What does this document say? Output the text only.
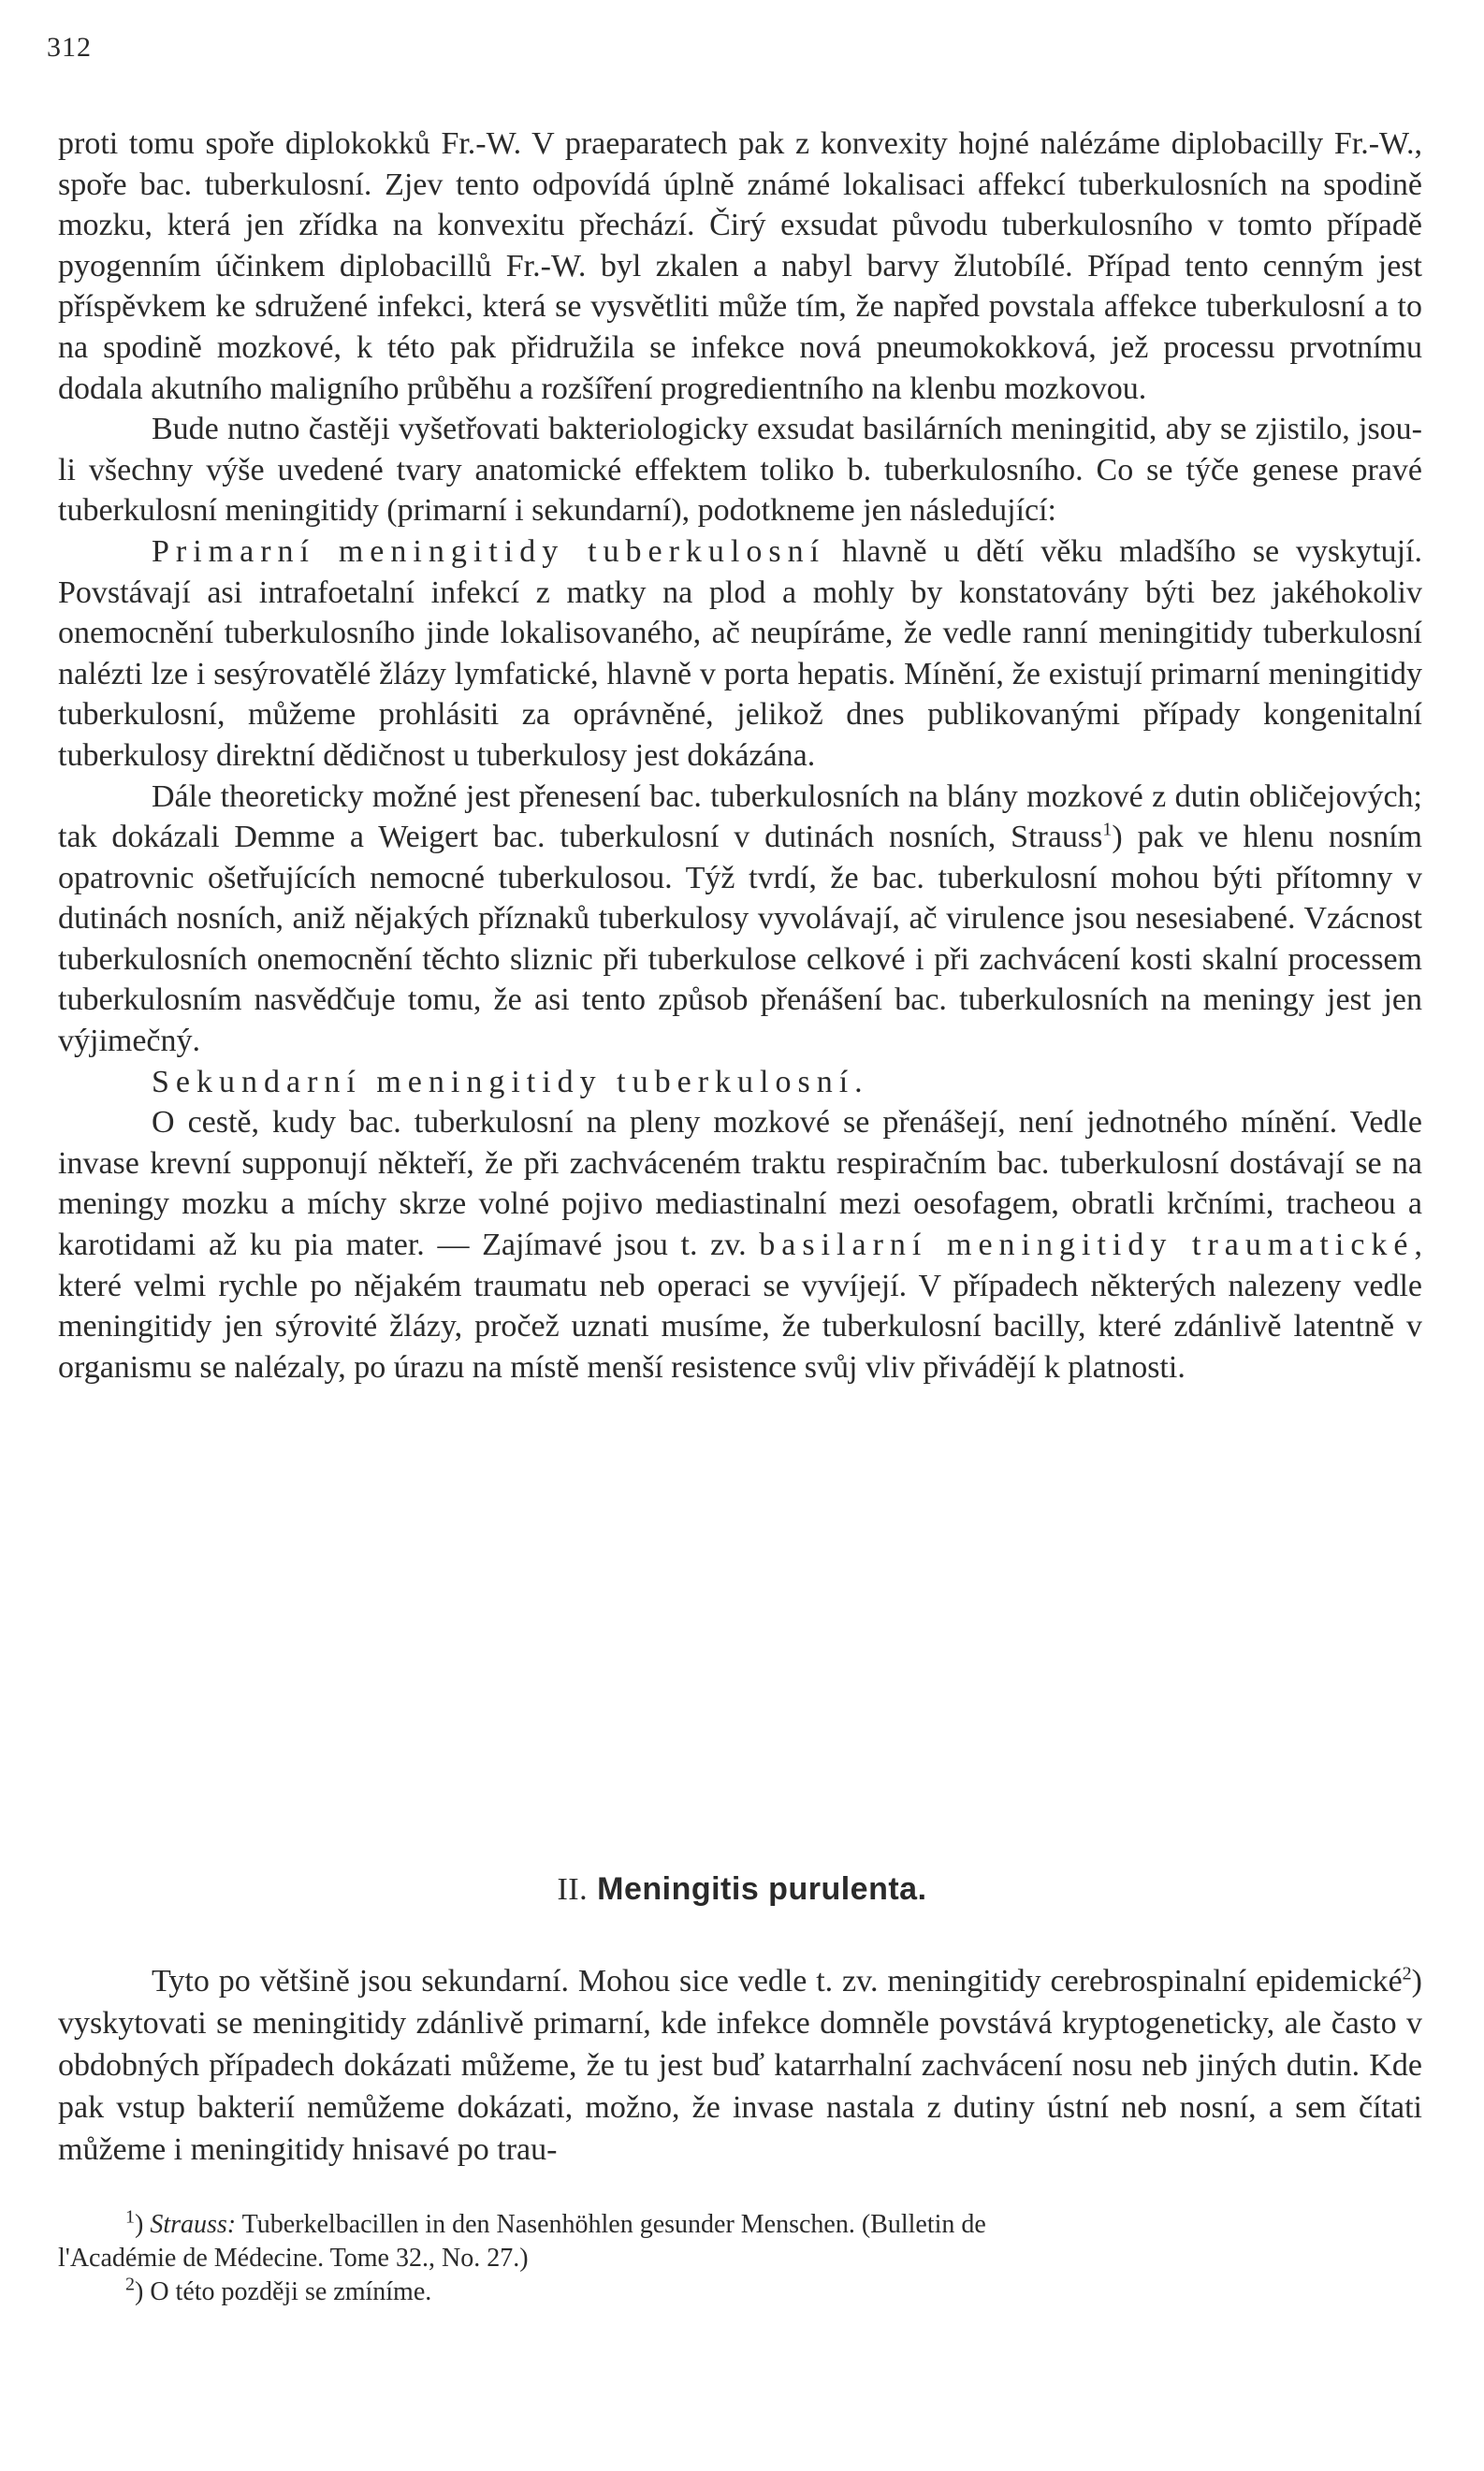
312

proti tomu spoře diplokokků Fr.-W. V praeparatech pak z konvexity hojné nalézáme diplobacilly Fr.-W., spoře bac. tuberkulosní. Zjev tento odpovídá úplně známé lokalisaci affekcí tuberkulosních na spodině mozku, která jen zřídka na konvexitu přechází. Čirý exsudat původu tuberkulosního v tomto případě pyogenním účinkem diplobacillů Fr.-W. byl zkalen a nabyl barvy žlutobílé. Případ tento cenným jest příspěvkem ke sdružené infekci, která se vysvětliti může tím, že napřed povstala affekce tuberkulosní a to na spodině mozkové, k této pak přidružila se infekce nová pneumokokková, jež processu prvotnímu dodala akutního maligního průběhu a rozšíření progredientního na klenbu mozkovou.

Bude nutno častěji vyšetřovati bakteriologicky exsudat basilárních meningitid, aby se zjistilo, jsou-li všechny výše uvedené tvary anatomické effektem toliko b. tuberkulosního. Co se týče genese pravé tuberkulosní meningitidy (primarní i sekundarní), podotkneme jen následující:

Primarní meningitidy tuberkulosní hlavně u dětí věku mladšího se vyskytují. Povstávají asi intrafoetalní infekcí z matky na plod a mohly by konstatovány býti bez jakéhokoliv onemocnění tuberkulosního jinde lokalisovaného, ač neupíráme, že vedle ranní meningitidy tuberkulosní nalézti lze i sesýrovatělé žlázy lymfatické, hlavně v porta hepatis. Mínění, že existují primarní meningitidy tuberkulosní, můžeme prohlásiti za oprávněné, jelikož dnes publikovanými případy kongenitalní tuberkulosy direktní dědičnost u tuberkulosy jest dokázána.

Dále theoreticky možné jest přenesení bac. tuberkulosních na blány mozkové z dutin obličejových; tak dokázali Demme a Weigert bac. tuberkulosní v dutinách nosních, Strauss$^1$) pak ve hlenu nosním opatrovnic ošetřujících nemocné tuberkulosou. Týž tvrdí, že bac. tuberkulosní mohou býti přítomny v dutinách nosních, aniž nějakých příznaků tuberkulosy vyvolávají, ač virulence jsou nesesiabené. Vzácnost tuberkulosních onemocnění těchto sliznic při tuberkulose celkové i při zachvácení kosti skalní processem tuberkulosním nasvědčuje tomu, že asi tento způsob přenášení bac. tuberkulosních na meningy jest jen výjimečný.

Sekundarní meningitidy tuberkulosní.

O cestě, kudy bac. tuberkulosní na pleny mozkové se přenášejí, není jednotného mínění. Vedle invase krevní supponují někteří, že při zachváceném traktu respiračním bac. tuberkulosní dostávají se na meningy mozku a míchy skrze volné pojivo mediastinalní mezi oesofagem, obratli krčními, tracheou a karotidami až ku pia mater. — Zajímavé jsou t. zv. basilarní meningitidy traumatické, které velmi rychle po nějakém traumatu neb operaci se vyvíjejí. V případech některých nalezeny vedle meningitidy jen sýrovité žlázy, pročež uznati musíme, že tuberkulosní bacilly, které zdánlivě latentně v organismu se nalézaly, po úrazu na místě menší resistence svůj vliv přivádějí k platnosti.

II. Meningitis purulenta.

Tyto po většině jsou sekundarní. Mohou sice vedle t. zv. meningitidy cerebrospinalní epidemické$^2$) vyskytovati se meningitidy zdánlivě primarní, kde infekce domněle povstává kryptogeneticky, ale často v obdobných případech dokázati můžeme, že tu jest buď katarrhalní zachvácení nosu neb jiných dutin. Kde pak vstup bakterií nemůžeme dokázati, možno, že invase nastala z dutiny ústní neb nosní, a sem čítati můžeme i meningitidy hnisavé po trau-

$^1$) Strauss: Tuberkelbacillen in den Nasenhöhlen gesunder Menschen. (Bulletin de

l'Académie de Médecine. Tome 32., No. 27.)

$^2$) O této později se zmíníme.
